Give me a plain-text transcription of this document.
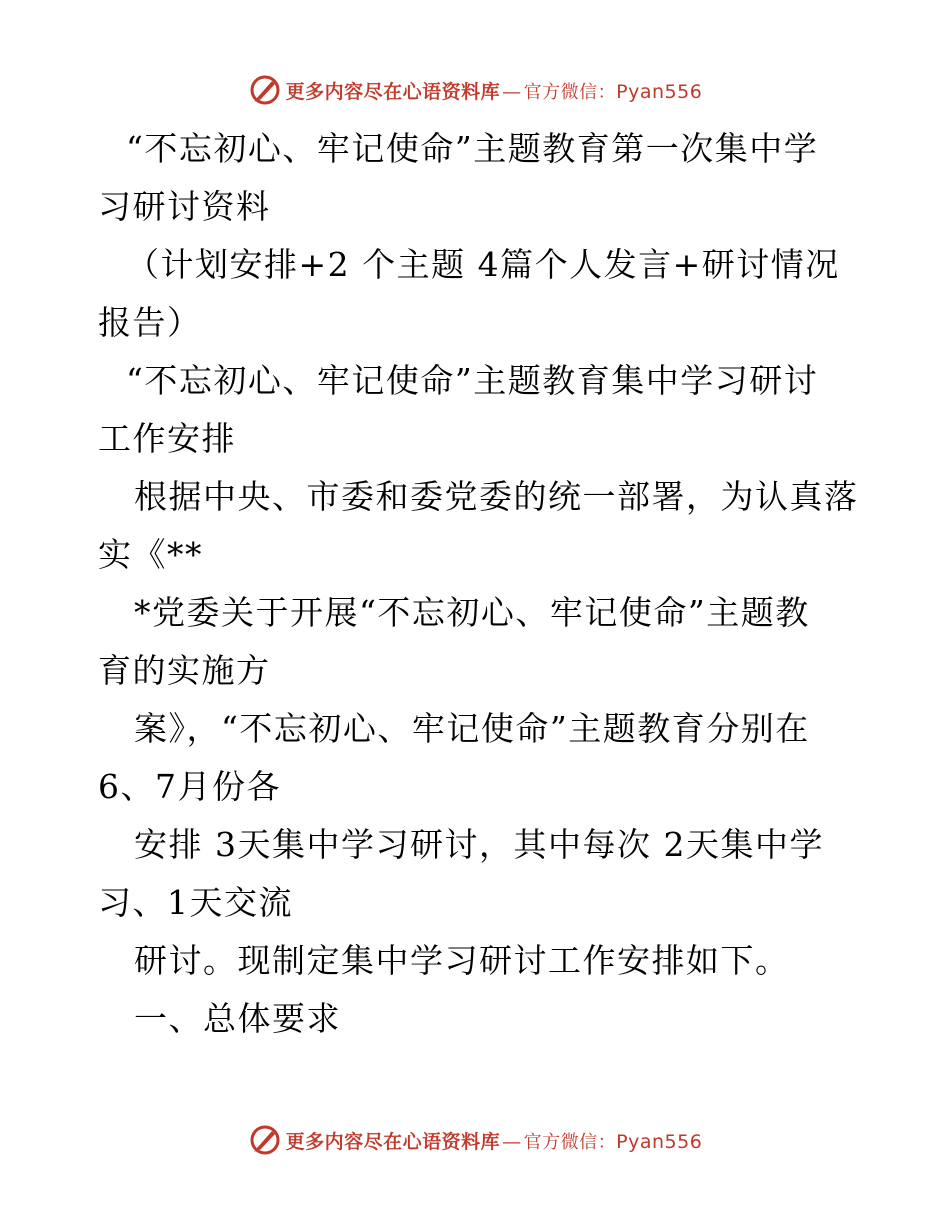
更多内容尽在心语资料库 — 官方微信： Pyan556
“不忘初心、牢记使命”主题教育第一次集中学
习研讨资料
（计划安排+2 个主题 4篇个人发言+研讨情况
报告）
“不忘初心、牢记使命”主题教育集中学习研讨
工作安排
根据中央、市委和委党委的统一部署，为认真落
实《**
*党委关于开展“不忘初心、牢记使命”主题教
育的实施方
案》，“不忘初心、牢记使命”主题教育分别在
6、7月份各
安排 3天集中学习研讨，其中每次 2天集中学
习、1天交流
研讨。现制定集中学习研讨工作安排如下。
一、总体要求
更多内容尽在心语资料库 — 官方微信： Pyan556
